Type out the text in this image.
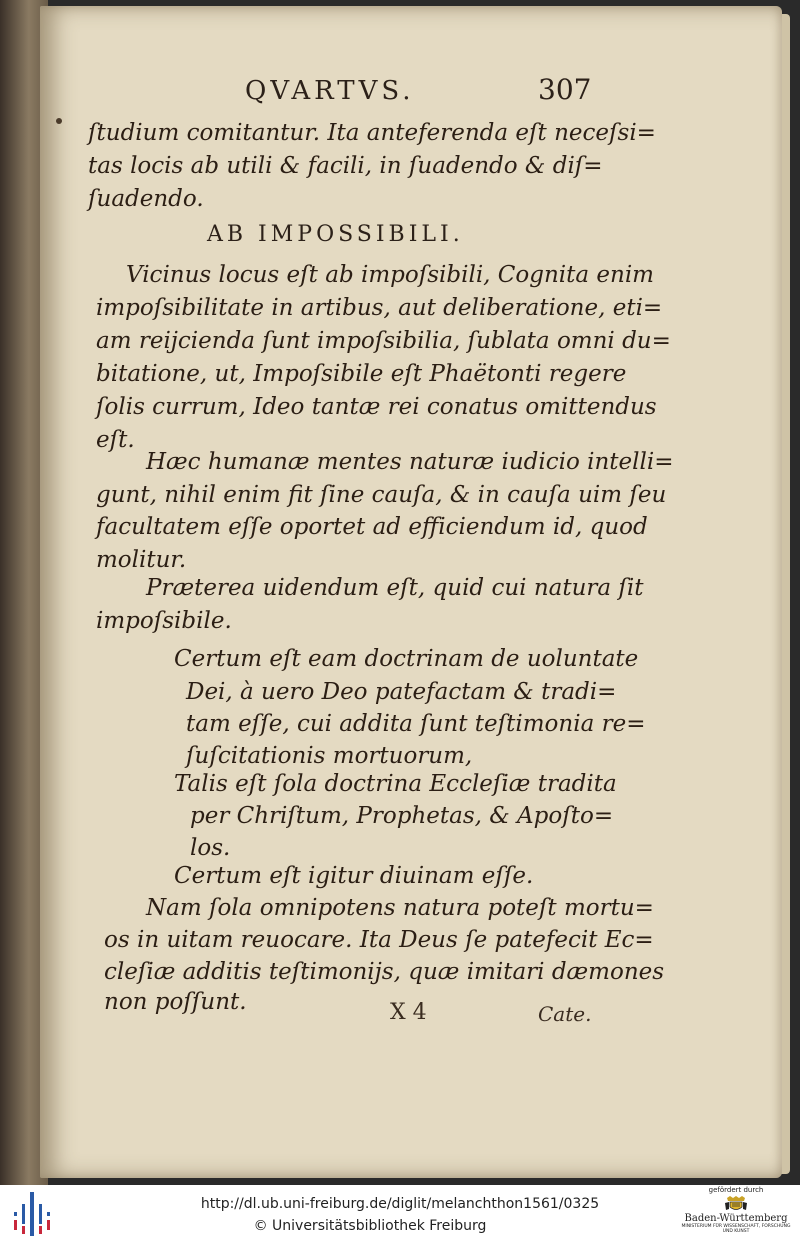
QVARTVS.	307
ſtudium comitantur. Ita anteferenda eſt neceſsi=
tas locis ab utili & facili, in ſuadendo & diſ=
ſuadendo.
AB IMPOSSIBILI.
Vicinus locus eſt ab impoſsibili, Cognita enim
impoſsibilitate in artibus, aut deliberatione, eti=
am reijcienda ſunt impoſsibilia, ſublata omni du=
bitatione, ut, Impoſsibile eſt Phaëtonti regere
ſolis currum, Ideo tantæ rei conatus omittendus
eſt.
Hæc humanæ mentes naturæ iudicio intelli=
gunt, nihil enim fit ſine cauſa, & in cauſa uim ſeu
facultatem eſſe oportet ad efficiendum id, quod
molitur.
Præterea uidendum eſt, quid cui natura ſit
impoſsibile.
Certum eſt eam doctrinam de uoluntate
Dei, à uero Deo patefactam & tradi=
tam eſſe, cui addita ſunt teſtimonia re=
ſuſcitationis mortuorum,
Talis eſt ſola doctrina Eccleſiæ tradita
per Chriſtum, Prophetas, & Apoſto=
los.
Certum eſt igitur diuinam eſſe.
Nam ſola omnipotens natura poteſt mortu=
os in uitam reuocare. Ita Deus ſe patefecit Ec=
cleſiæ additis teſtimonijs, quæ imitari dæmones
non poſſunt.	X 4	Cate.
http://dl.ub.uni-freiburg.de/diglit/melanchthon1561/0325
© Universitätsbibliothek Freiburg
gefördert durch
Baden-Württemberg
MINISTERIUM FÜR WISSENSCHAFT, FORSCHUNG UND KUNST
